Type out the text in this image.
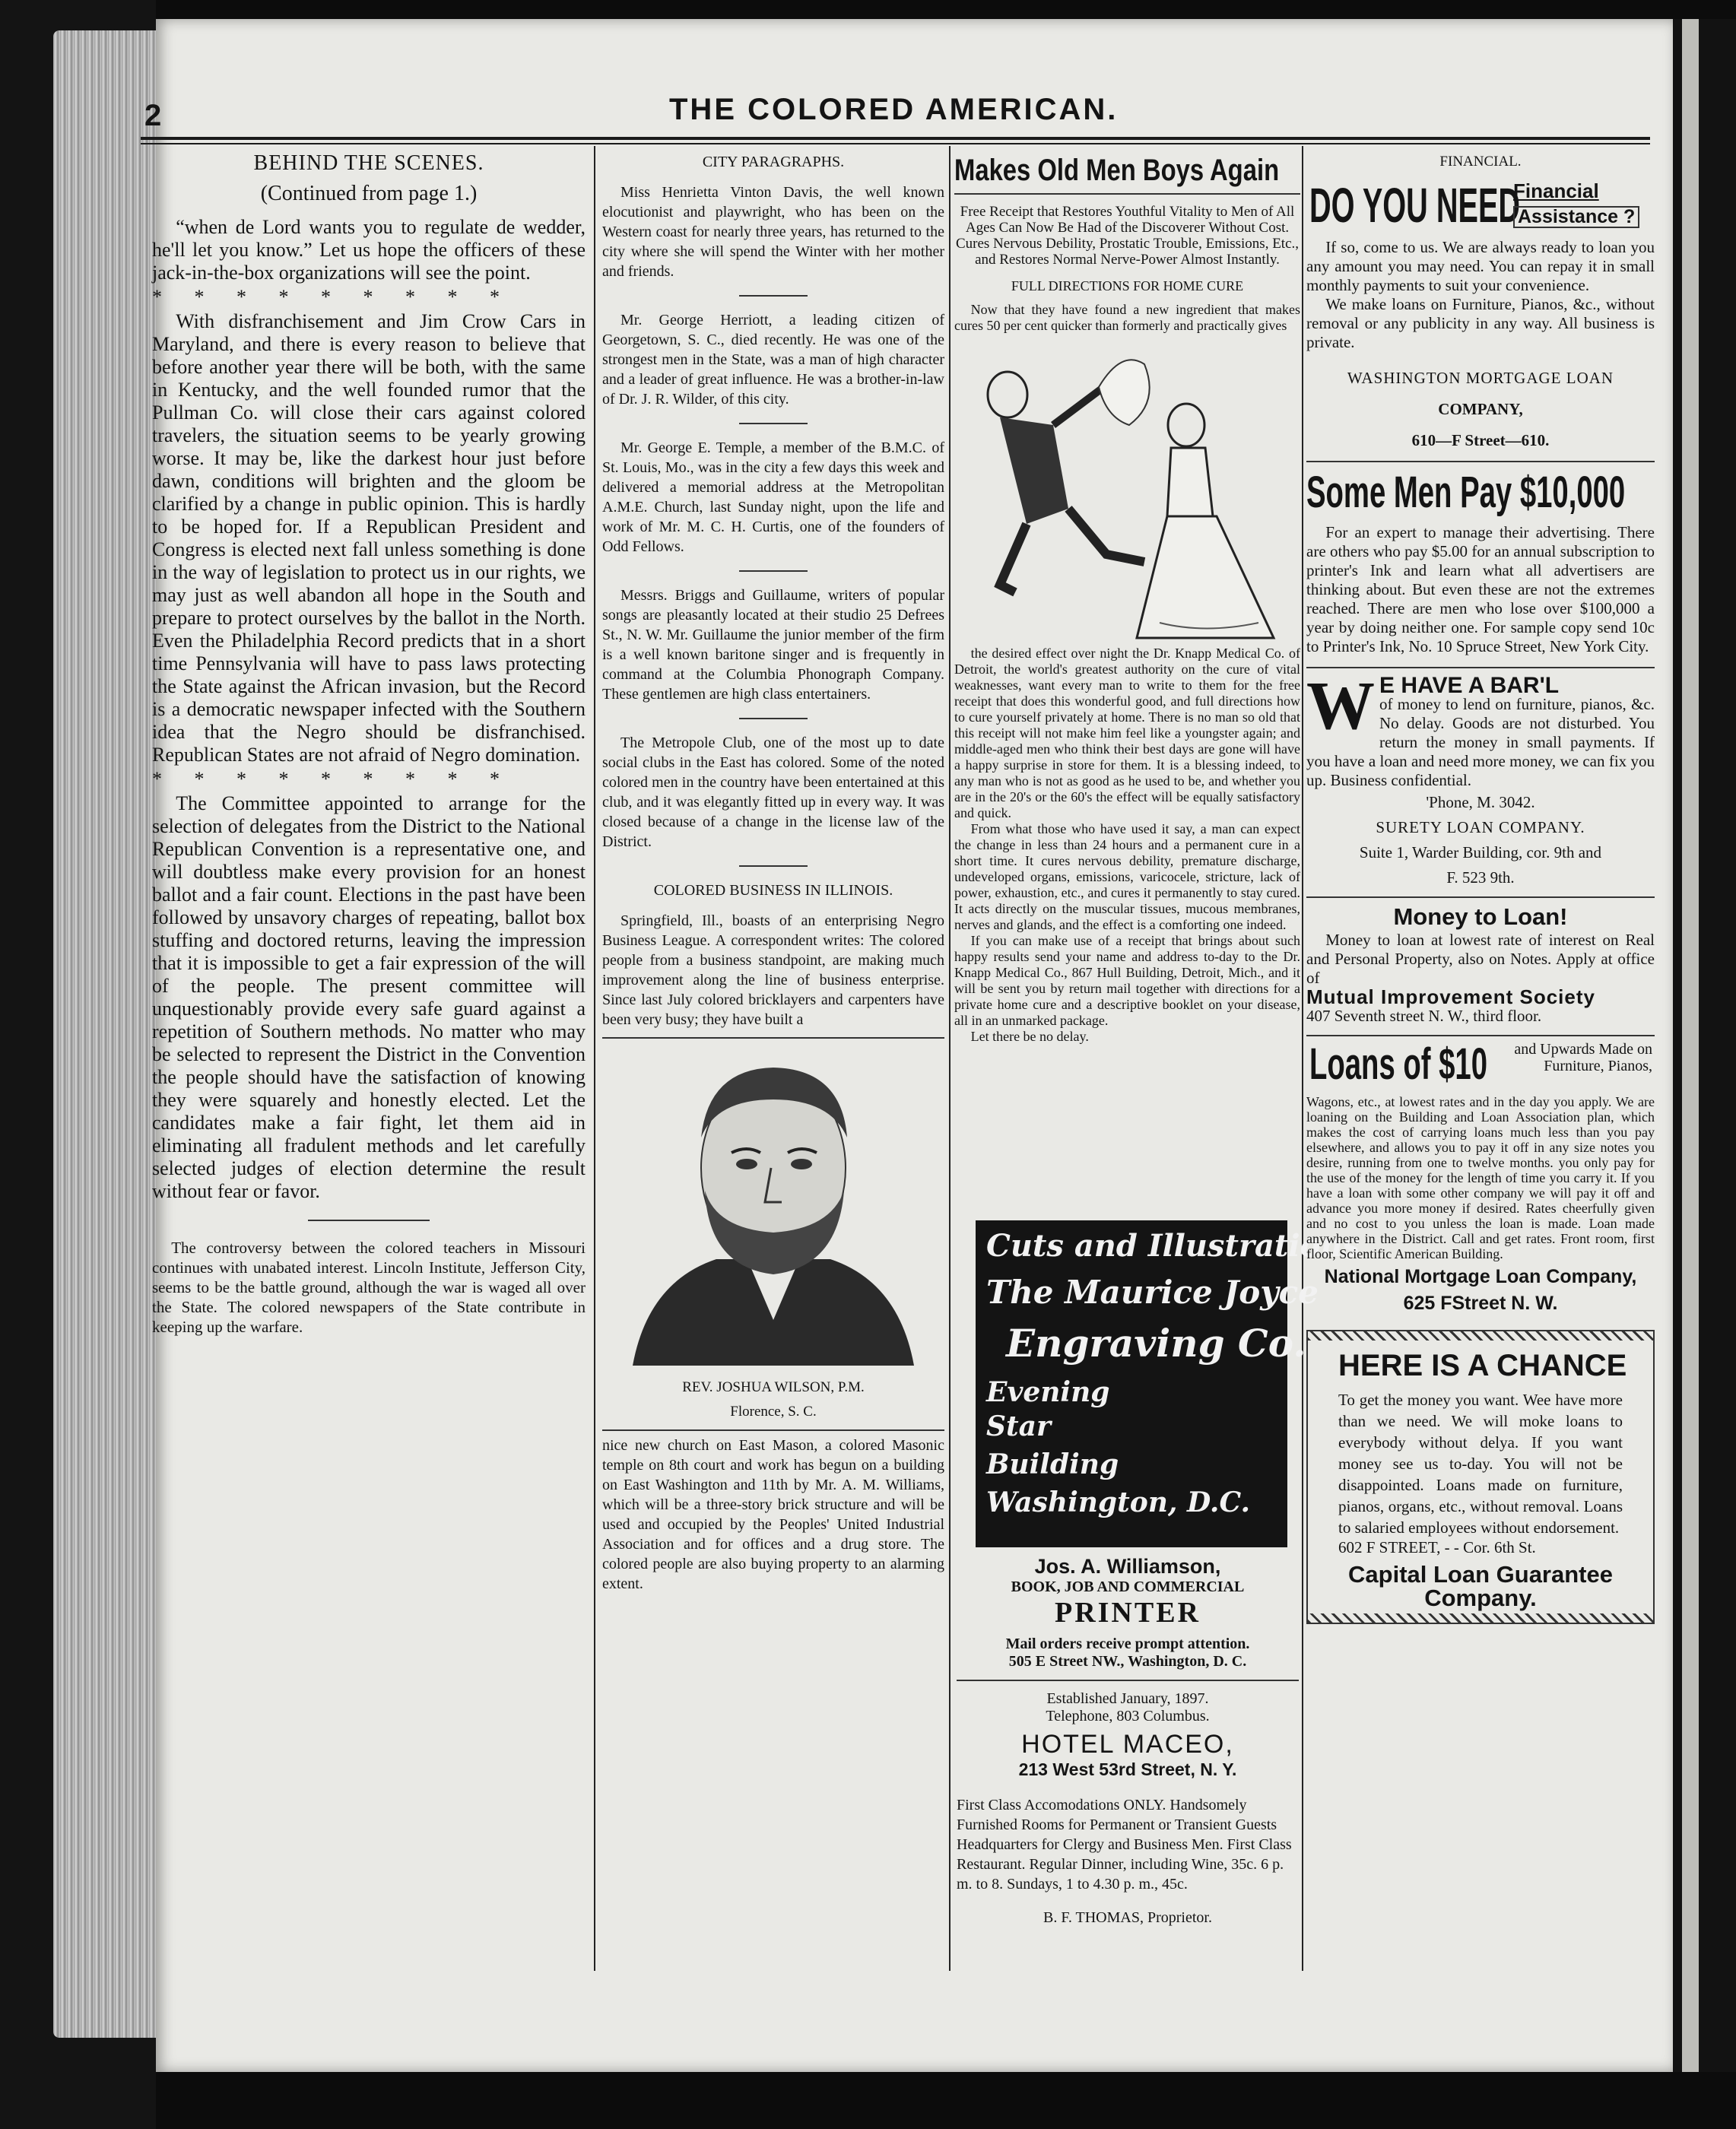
2	THE COLORED AMERICAN.
BEHIND THE SCENES.
(Continued from page 1.)

“when de Lord wants you to regulate de wedder, he'll let you know.” Let us hope the officers of these jack-in-the-box organizations will see the point.

* * * * * * * * *

With disfranchisement and Jim Crow Cars in Maryland, and there is every reason to believe that before another year there will be both, with the same in Kentucky, and the well founded rumor that the Pullman Co. will close their cars against colored travelers, the situation seems to be yearly growing worse. It may be, like the darkest hour just before dawn, conditions will brighten and the gloom be clarified by a change in public opinion. This is hardly to be hoped for. If a Republican President and Congress is elected next fall unless something is done in the way of legislation to protect us in our rights, we may just as well abandon all hope in the South and prepare to protect ourselves by the ballot in the North. Even the Philadelphia Record predicts that in a short time Pennsylvania will have to pass laws protecting the State against the African invasion, but the Record is a democratic newspaper infected with the Southern idea that the Negro should be disfranchised. Republican States are not afraid of Negro domination.

* * * * * * * * *

The Committee appointed to arrange for the selection of delegates from the District to the National Republican Convention is a representative one, and will doubtless make every provision for an honest ballot and a fair count. Elections in the past have been followed by unsavory charges of repeating, ballot box stuffing and doctored returns, leaving the impression that it is impossible to get a fair expression of the will of the people. The present committee will unquestionably provide every safe guard against a repetition of Southern methods. No matter who may be selected to represent the District in the Convention the people should have the satisfaction of knowing they were squarely and honestly elected. Let the candidates make a fair fight, let them aid in eliminating all fradulent methods and let carefully selected judges of election determine the result without fear or favor.

The controversy between the colored teachers in Missouri continues with unabated interest. Lincoln Institute, Jefferson City, seems to be the battle ground, although the war is waged all over the State. The colored newspapers of the State contribute in keeping up the warfare.

CITY PARAGRAPHS.

Miss Henrietta Vinton Davis, the well known elocutionist and playwright, who has been on the Western coast for nearly three years, has returned to the city where she will spend the Winter with her mother and friends.

Mr. George Herriott, a leading citizen of Georgetown, S. C., died recently. He was one of the strongest men in the State, was a man of high character and a leader of great influence. He was a brother-in-law of Dr. J. R. Wilder, of this city.

Mr. George E. Temple, a member of the B.M.C. of St. Louis, Mo., was in the city a few days this week and delivered a memorial address at the Metropolitan A.M.E. Church, last Sunday night, upon the life and work of Mr. M. C. H. Curtis, one of the founders of Odd Fellows.

Messrs. Briggs and Guillaume, writers of popular songs are pleasantly located at their studio 25 Defrees St., N. W. Mr. Guillaume the junior member of the firm is a well known baritone singer and is frequently in command at the Columbia Phonograph Company. These gentlemen are high class entertainers.

The Metropole Club, one of the most up to date social clubs in the East has colored. Some of the noted colored men in the country have been entertained at this club, and it was elegantly fitted up in every way. It was closed because of a change in the license law of the District.

COLORED BUSINESS IN ILLINOIS.

Springfield, Ill., boasts of an enterprising Negro Business League. A correspondent writes: The colored people from a business standpoint, are making much improvement along the line of business enterprise. Since last July colored bricklayers and carpenters have been very busy; they have built a

REV. JOSHUA WILSON, P.M.
Florence, S. C.

nice new church on East Mason, a colored Masonic temple on 8th court and work has begun on a building on East Washington and 11th by Mr. A. M. Williams, which will be a three-story brick structure and will be used and occupied by the Peoples' United Industrial Association and for offices and a drug store. The colored people are also buying property to an alarming extent.

Makes Old Men Boys Again
Free Receipt that Restores Youthful Vitality to Men of All Ages Can Now Be Had of the Discoverer Without Cost. Cures Nervous Debility, Prostatic Trouble, Emissions, Etc., and Restores Normal Nerve-Power Almost Instantly.
FULL DIRECTIONS FOR HOME CURE

Now that they have found a new ingredient that makes cures 50 per cent quicker than formerly and practically gives

the desired effect over night the Dr. Knapp Medical Co. of Detroit, the world's greatest authority on the cure of vital weaknesses, want every man to write to them for the free receipt that does this wonderful good, and full directions how to cure yourself privately at home. There is no man so old that this receipt will not make him feel like a youngster again; and middle-aged men who think their best days are gone will have a happy surprise in store for them. It is a blessing indeed, to any man who is not as good as he used to be, and whether you are in the 20's or the 60's the effect will be equally satisfactory and quick.

From what those who have used it say, a man can expect the change in less than 24 hours and a permanent cure in a short time. It cures nervous debility, premature discharge, undeveloped organs, emissions, varicocele, stricture, lack of power, exhaustion, etc., and cures it permanently to stay cured. It acts directly on the muscular tissues, mucous membranes, nerves and glands, and the effect is a comforting one indeed.

If you can make use of a receipt that brings about such happy results send your name and address to-day to the Dr. Knapp Medical Co., 867 Hull Building, Detroit, Mich., and it will be sent you by return mail together with directions for a private home cure and a descriptive booklet on your disease, all in an unmarked package.

Let there be no delay.

Cuts and Illustrations
The Maurice Joyce
Engraving Co.
Evening
Star
Building
Washington, D.C.
Jos. A. Williamson,
BOOK, JOB AND COMMERCIAL
PRINTER
Mail orders receive prompt attention.
505 E Street NW., Washington, D. C.
Established January, 1897.
Telephone, 803 Columbus.
HOTEL MACEO,
213 West 53rd Street, N. Y.

First Class Accomodations ONLY. Handsomely Furnished Rooms for Permanent or Transient Guests Headquarters for Clergy and Business Men. First Class Restaurant. Regular Dinner, including Wine, 35c. 6 p. m. to 8. Sundays, 1 to 4.30 p. m., 45c.

B. F. THOMAS, Proprietor.
FINANCIAL.
DO YOU NEED
Financial
Assistance ?

If so, come to us. We are always ready to loan you any amount you may need. You can repay it in small monthly payments to suit your convenience.

We make loans on Furniture, Pianos, &c., without removal or any publicity in any way. All business is private.

WASHINGTON MORTGAGE LOAN
COMPANY,
610—F Street—610.
Some Men Pay $10,000

For an expert to manage their advertising. There are others who pay $5.00 for an annual subscription to printer's Ink and learn what all advertisers are thinking about. But even these are not the extremes reached. There are men who lose over $100,000 a year by doing neither one. For sample copy send 10c to Printer's Ink, No. 10 Spruce Street, New York City.

W E HAVE A BAR'L

of money to lend on furniture, pianos, &c. No delay. Goods are not disturbed. You return the money in small payments. If you have a loan and need more money, we can fix you up. Business confidential.

'Phone, M. 3042.
SURETY LOAN COMPANY.
Suite 1, Warder Building, cor. 9th and
F. 523 9th.
Money to Loan!

Money to loan at lowest rate of interest on Real and Personal Property, also on Notes. Apply at office of

Mutual Improvement Society
407 Seventh street N. W., third floor.
Loans of $10	and Upwards Made on Furniture, Pianos,

Wagons, etc., at lowest rates and in the day you apply. We are loaning on the Building and Loan Association plan, which makes the cost of carrying loans much less than you pay elsewhere, and allows you to pay it off in any size notes you desire, running from one to twelve months. you only pay for the use of the money for the length of time you carry it. If you have a loan with some other company we will pay it off and advance you more money if desired. Rates cheerfully given and no cost to you unless the loan is made. Loan made anywhere in the District. Call and get rates. Front room, first floor, Scientific American Building.

National Mortgage Loan Company,
625 FStreet N. W.
HERE IS A CHANCE

To get the money you want. Wee have more than we need. We will moke loans to everybody without delya. If you want money see us to-day. You will not be disappointed. Loans made on furniture, pianos, organs, etc., without removal. Loans to salaried employees without endorsement.

602 F STREET, - - Cor. 6th St.
Capital Loan Guarantee
Company.
